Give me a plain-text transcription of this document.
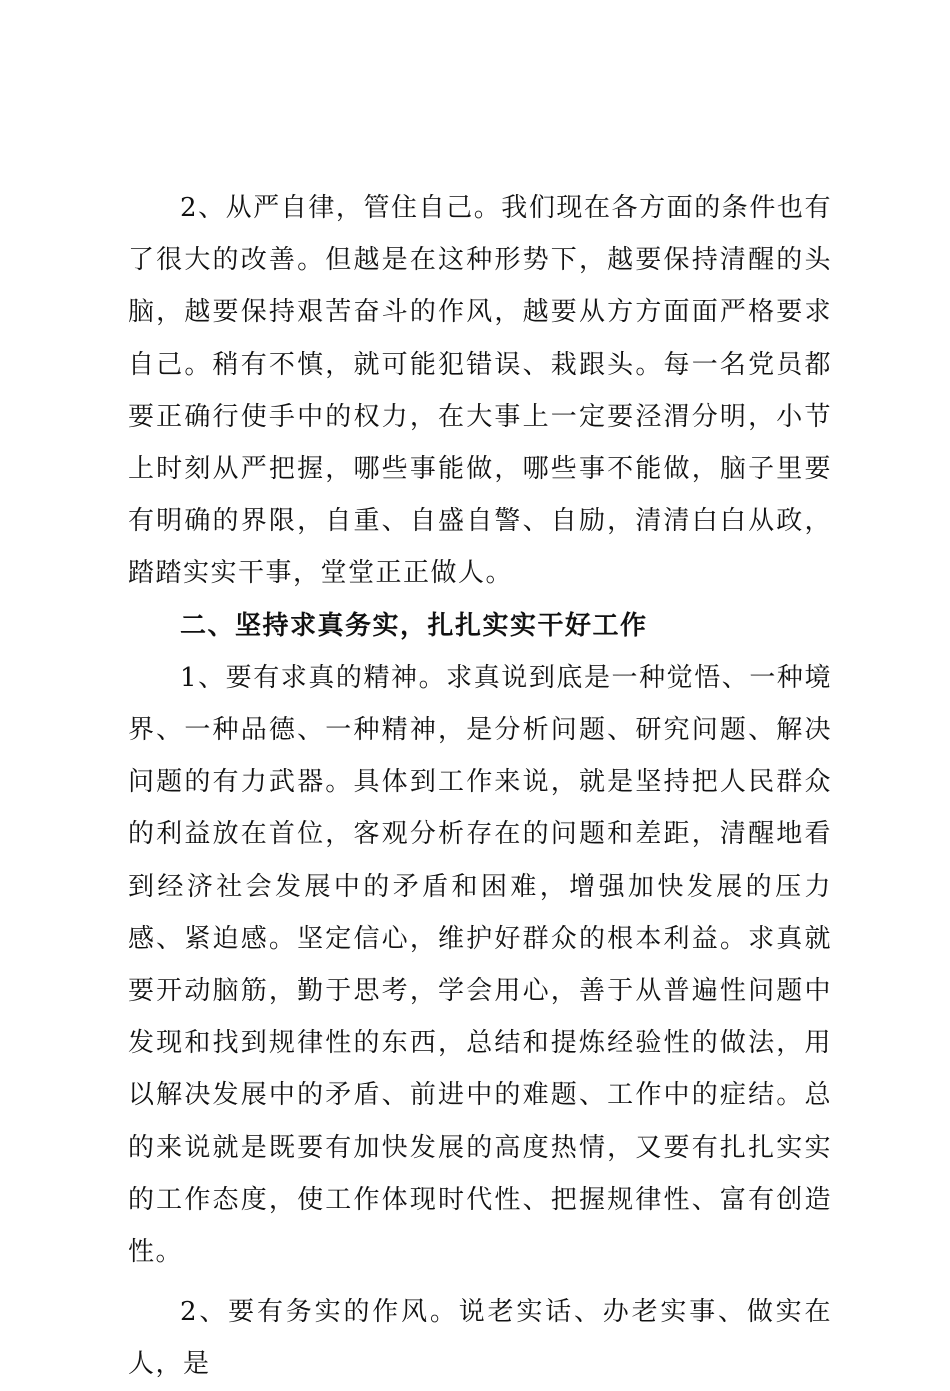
2、从严自律，管住自己。我们现在各方面的条件也有了很大的改善。但越是在这种形势下，越要保持清醒的头脑，越要保持艰苦奋斗的作风，越要从方方面面严格要求自己。稍有不慎，就可能犯错误、栽跟头。每一名党员都要正确行使手中的权力，在大事上一定要泾渭分明，小节上时刻从严把握，哪些事能做，哪些事不能做，脑子里要有明确的界限，自重、自盛自警、自励，清清白白从政，踏踏实实干事，堂堂正正做人。

二、坚持求真务实，扎扎实实干好工作

1、要有求真的精神。求真说到底是一种觉悟、一种境界、一种品德、一种精神，是分析问题、研究问题、解决问题的有力武器。具体到工作来说，就是坚持把人民群众的利益放在首位，客观分析存在的问题和差距，清醒地看到经济社会发展中的矛盾和困难，增强加快发展的压力感、紧迫感。坚定信心，维护好群众的根本利益。求真就要开动脑筋，勤于思考，学会用心，善于从普遍性问题中发现和找到规律性的东西，总结和提炼经验性的做法，用以解决发展中的矛盾、前进中的难题、工作中的症结。总的来说就是既要有加快发展的高度热情，又要有扎扎实实的工作态度，使工作体现时代性、把握规律性、富有创造性。

2、要有务实的作风。说老实话、办老实事、做实在人，是
